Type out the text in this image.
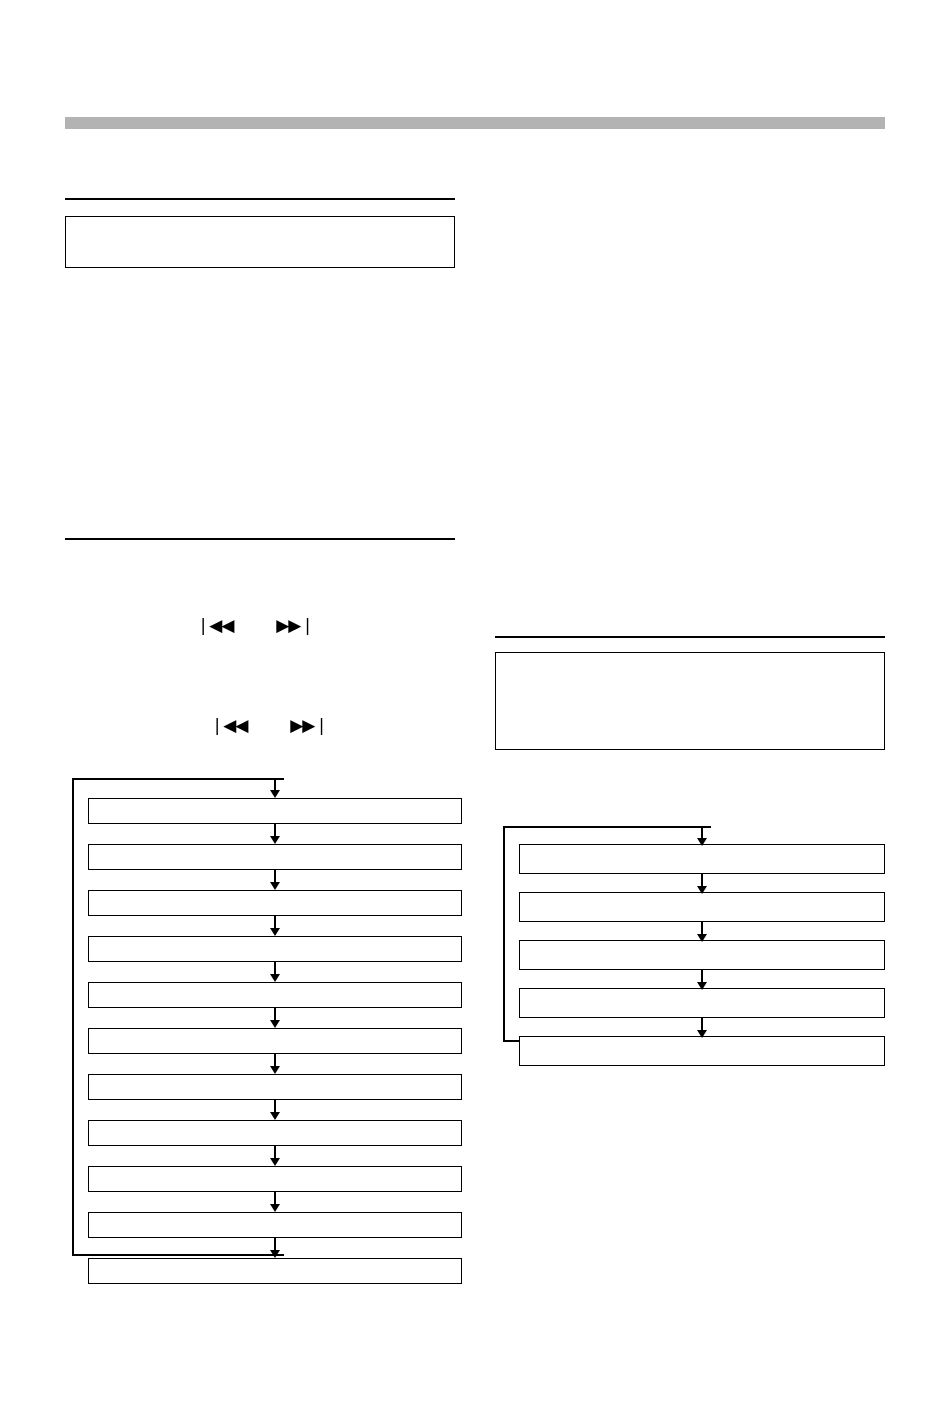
❘◀◀	▶▶❘
❘◀◀	▶▶❘
